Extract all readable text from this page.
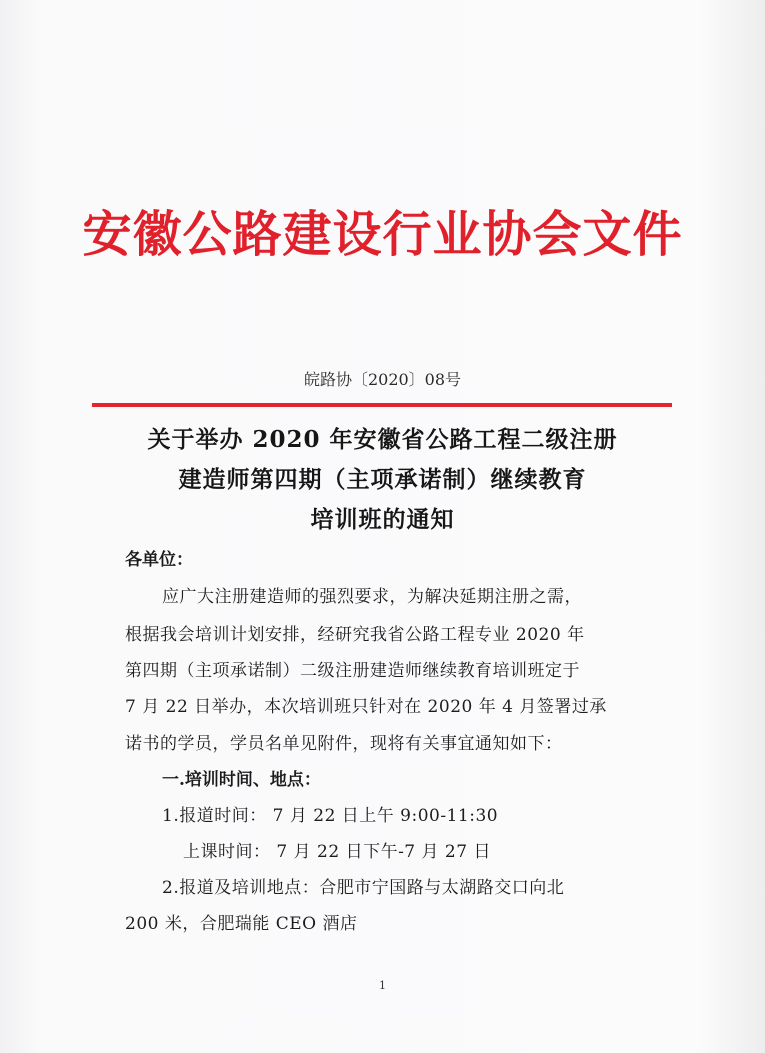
安徽公路建设行业协会文件
皖路协〔2020〕08号
关于举办 2020 年安徽省公路工程二级注册
建造师第四期（主项承诺制）继续教育
培训班的通知
各单位：
应广大注册建造师的强烈要求，为解决延期注册之需，
根据我会培训计划安排，经研究我省公路工程专业 2020 年
第四期（主项承诺制）二级注册建造师继续教育培训班定于
7 月 22 日举办，本次培训班只针对在 2020 年 4 月签署过承
诺书的学员，学员名单见附件，现将有关事宜通知如下：
一.培训时间、地点：
1.报道时间： 7 月 22 日上午 9:00-11:30
上课时间： 7 月 22 日下午-7 月 27 日
2.报道及培训地点：合肥市宁国路与太湖路交口向北
200 米，合肥瑞能 CEO 酒店
1
